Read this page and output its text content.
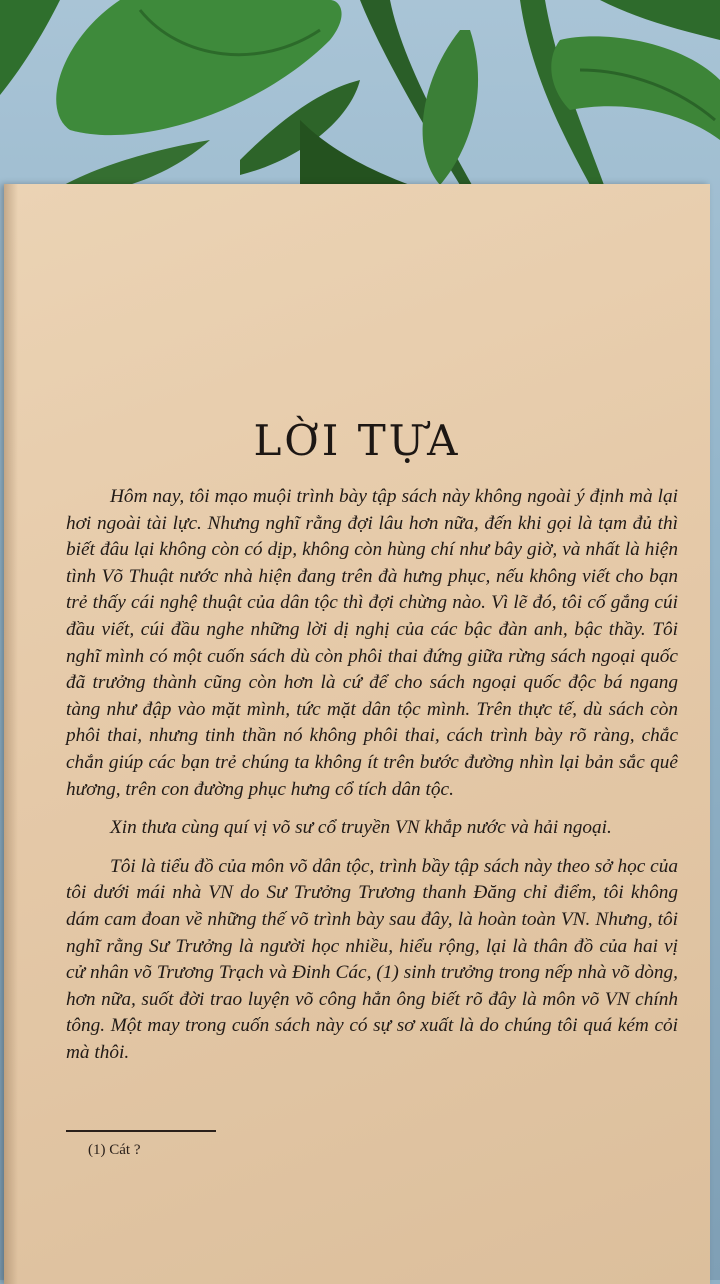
LỜI TỰA

Hôm nay, tôi mạo muội trình bày tập sách này không ngoài ý định mà lại hơi ngoài tài lực. Nhưng nghĩ rằng đợi lâu hơn nữa, đến khi gọi là tạm đủ thì biết đâu lại không còn có dịp, không còn hùng chí như bây giờ, và nhất là hiện tình Võ Thuật nước nhà hiện đang trên đà hưng phục, nếu không viết cho bạn trẻ thấy cái nghệ thuật của dân tộc thì đợi chừng nào. Vì lẽ đó, tôi cố gắng cúi đầu viết, cúi đầu nghe những lời dị nghị của các bậc đàn anh, bậc thầy. Tôi nghĩ mình có một cuốn sách dù còn phôi thai đứng giữa rừng sách ngoại quốc đã trưởng thành cũng còn hơn là cứ để cho sách ngoại quốc độc bá ngang tàng như đập vào mặt mình, tức mặt dân tộc mình. Trên thực tế, dù sách còn phôi thai, nhưng tinh thần nó không phôi thai, cách trình bày rõ ràng, chắc chắn giúp các bạn trẻ chúng ta không ít trên bước đường nhìn lại bản sắc quê hương, trên con đường phục hưng cổ tích dân tộc.

Xin thưa cùng quí vị võ sư cổ truyền VN khắp nước và hải ngoại.

Tôi là tiểu đồ của môn võ dân tộc, trình bầy tập sách này theo sở học của tôi dưới mái nhà VN do Sư Trưởng Trương thanh Đăng chỉ điểm, tôi không dám cam đoan về những thế võ trình bày sau đây, là hoàn toàn VN. Nhưng, tôi nghĩ rằng Sư Trưởng là người học nhiều, hiểu rộng, lại là thân đồ của hai vị cử nhân võ Trương Trạch và Đinh Các, (1) sinh trưởng trong nếp nhà võ dòng, hơn nữa, suốt đời trao luyện võ công hẳn ông biết rõ đây là môn võ VN chính tông. Một may trong cuốn sách này có sự sơ xuất là do chúng tôi quá kém cỏi mà thôi.

(1) Cát ?
